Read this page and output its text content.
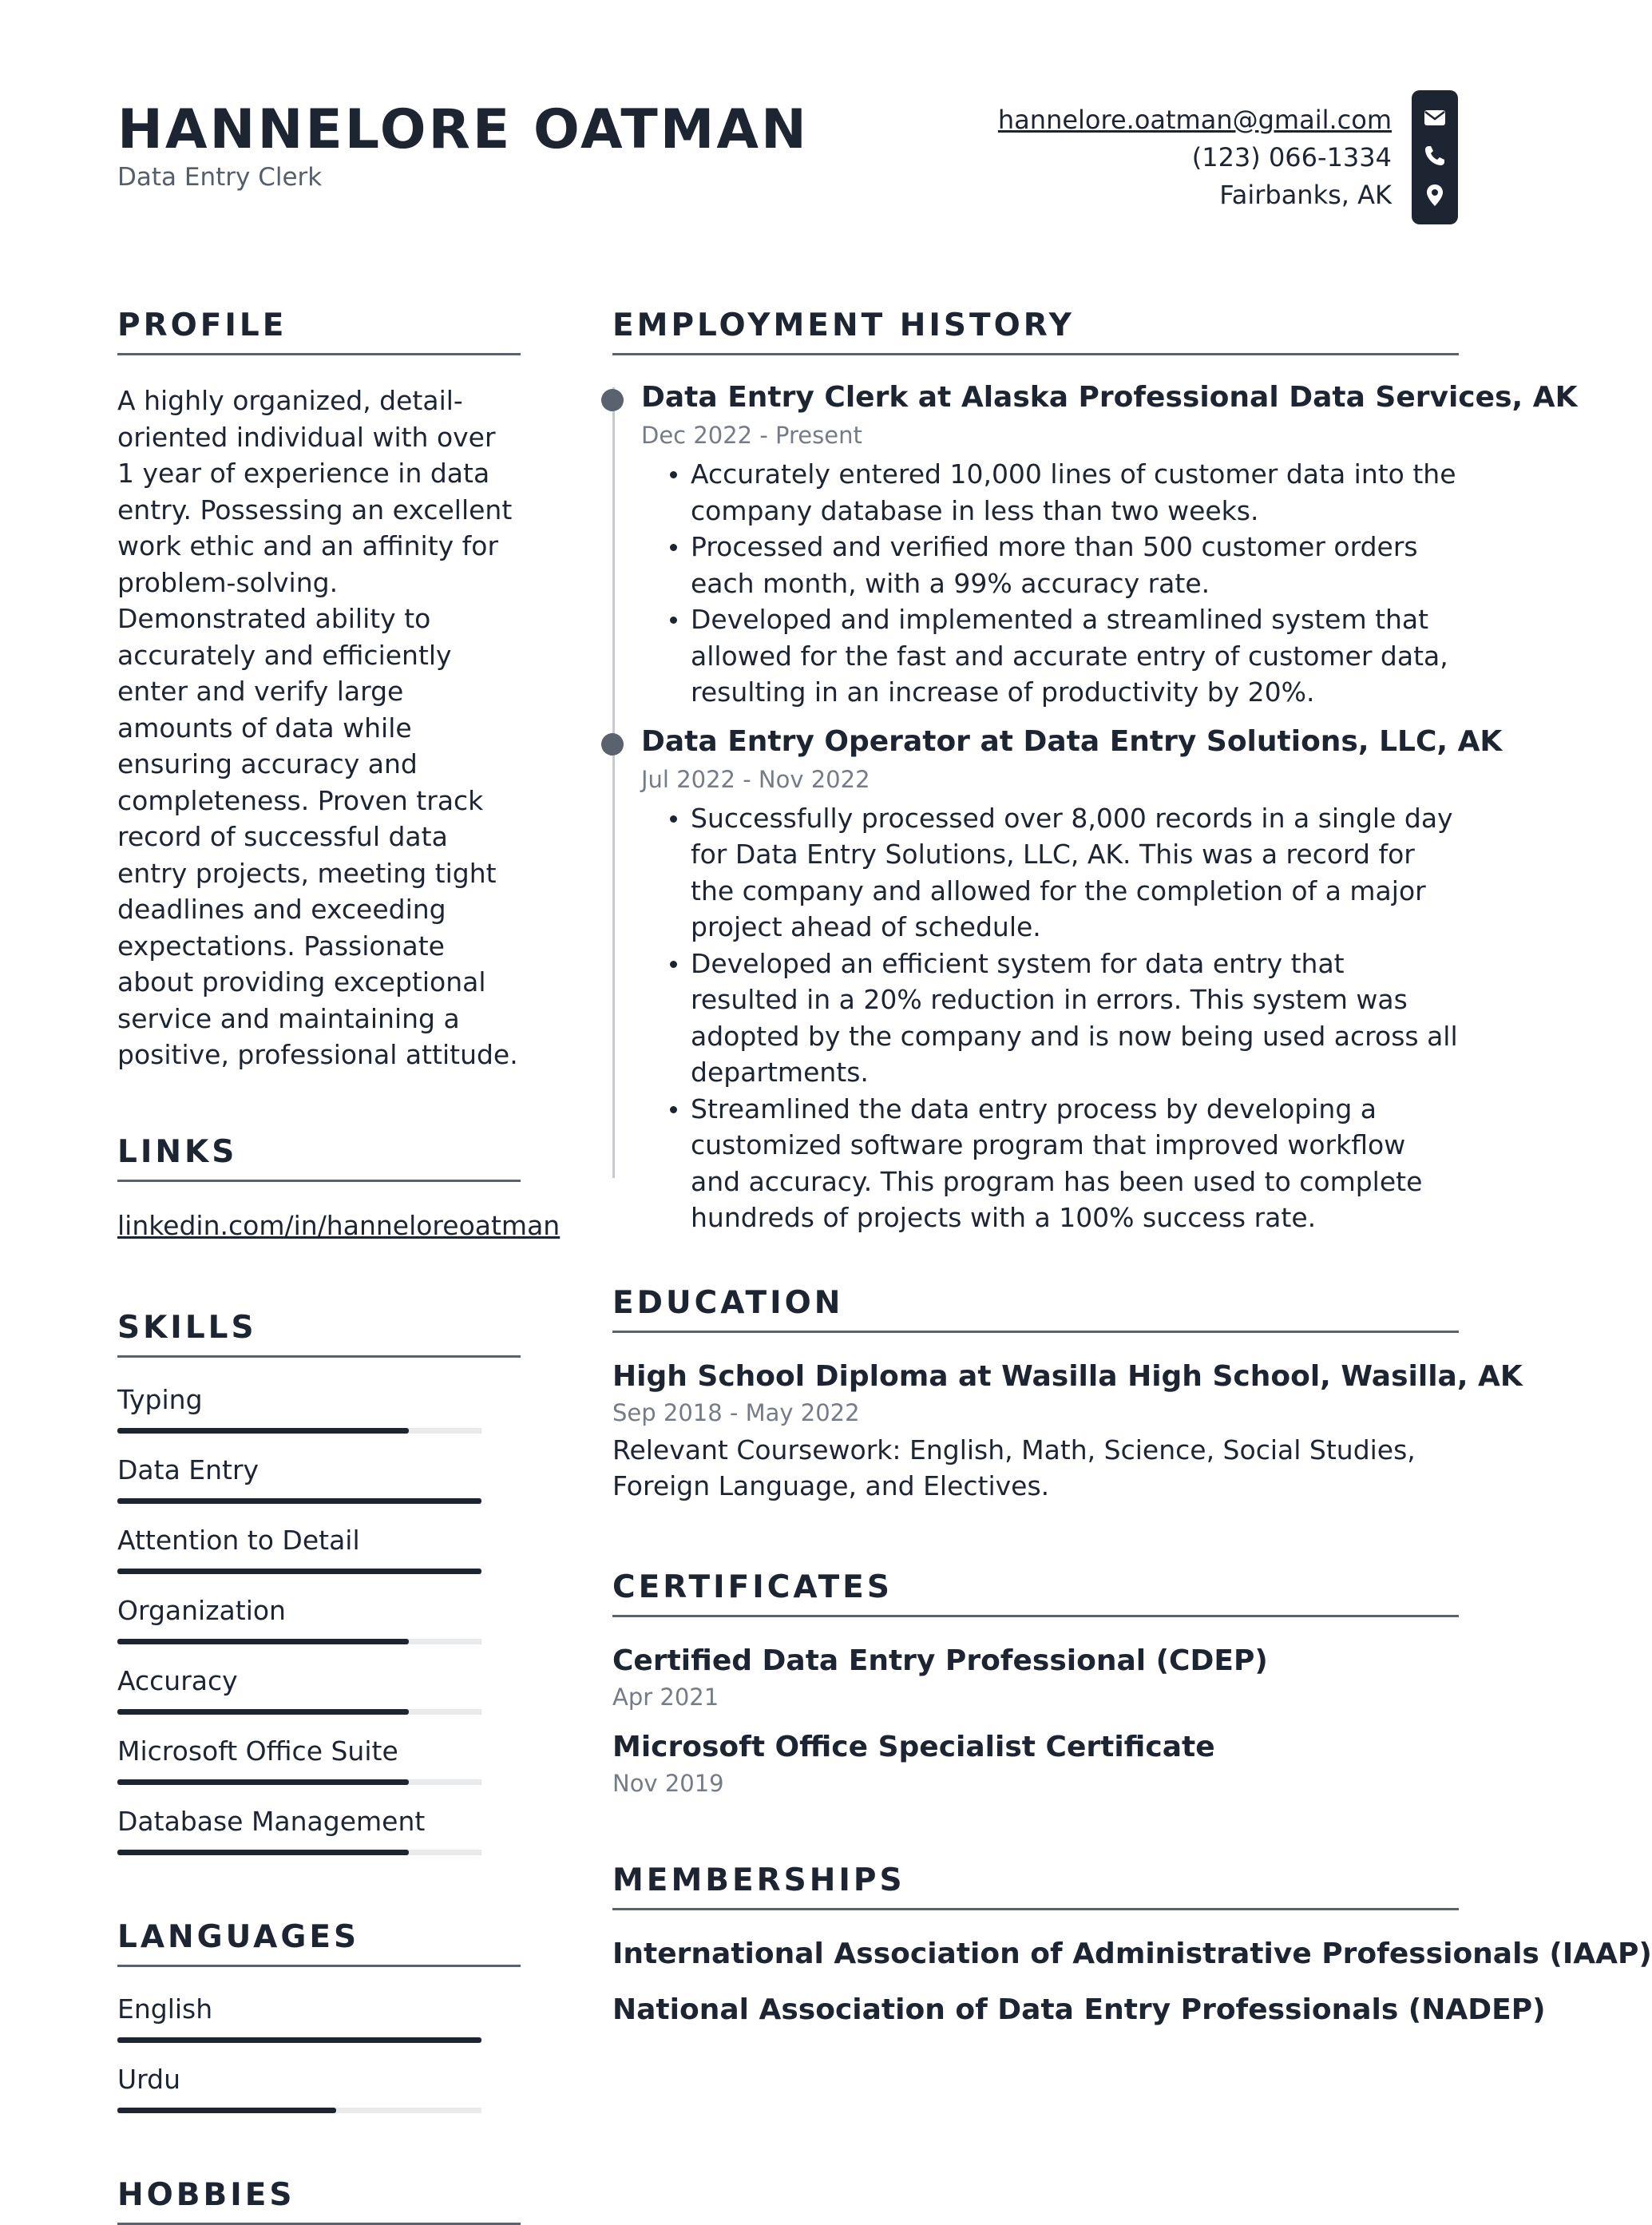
HANNELORE OATMAN
Data Entry Clerk
hannelore.oatman@gmail.com
(123) 066-1334
Fairbanks, AK
PROFILE
A highly organized, detail-oriented individual with over 1 year of experience in data entry. Possessing an excellent work ethic and an affinity for problem-solving. Demonstrated ability to accurately and efficiently enter and verify large amounts of data while ensuring accuracy and completeness. Proven track record of successful data entry projects, meeting tight deadlines and exceeding expectations. Passionate about providing exceptional service and maintaining a positive, professional attitude.
LINKS
linkedin.com/in/hanneloreoatman
SKILLS
Typing
Data Entry
Attention to Detail
Organization
Accuracy
Microsoft Office Suite
Database Management
LANGUAGES
English
Urdu
HOBBIES
EMPLOYMENT HISTORY
Data Entry Clerk at Alaska Professional Data Services, AK
Dec 2022 - Present
Accurately entered 10,000 lines of customer data into the company database in less than two weeks.
Processed and verified more than 500 customer orders each month, with a 99% accuracy rate.
Developed and implemented a streamlined system that allowed for the fast and accurate entry of customer data, resulting in an increase of productivity by 20%.
Data Entry Operator at Data Entry Solutions, LLC, AK
Jul 2022 - Nov 2022
Successfully processed over 8,000 records in a single day for Data Entry Solutions, LLC, AK. This was a record for the company and allowed for the completion of a major project ahead of schedule.
Developed an efficient system for data entry that resulted in a 20% reduction in errors. This system was adopted by the company and is now being used across all departments.
Streamlined the data entry process by developing a customized software program that improved workflow and accuracy. This program has been used to complete hundreds of projects with a 100% success rate.
EDUCATION
High School Diploma at Wasilla High School, Wasilla, AK
Sep 2018 - May 2022
Relevant Coursework: English, Math, Science, Social Studies, Foreign Language, and Electives.
CERTIFICATES
Certified Data Entry Professional (CDEP)
Apr 2021
Microsoft Office Specialist Certificate
Nov 2019
MEMBERSHIPS
International Association of Administrative Professionals (IAAP)
National Association of Data Entry Professionals (NADEP)
